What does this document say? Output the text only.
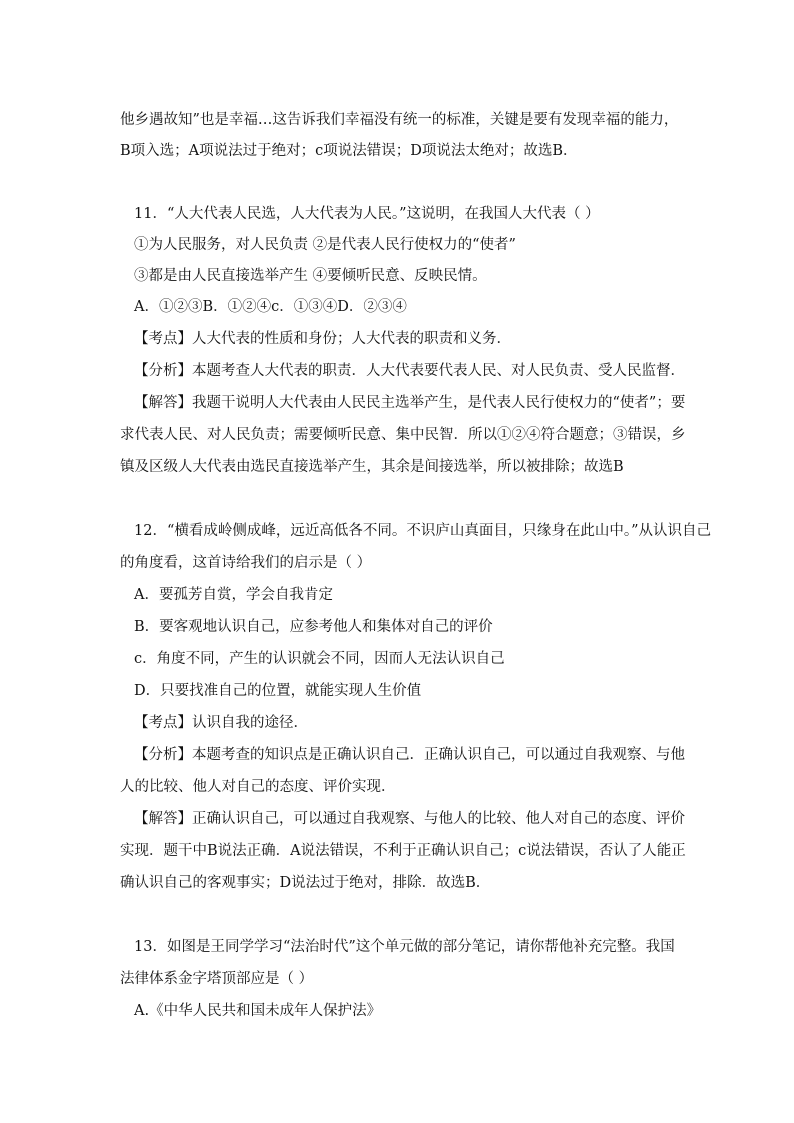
他乡遇故知”也是幸福…这告诉我们幸福没有统一的标准，关键是要有发现幸福的能力，
B项入选；A项说法过于绝对；c项说法错误；D项说法太绝对；故选B．
11．“人大代表人民选，人大代表为人民。”这说明，在我国人大代表（ ）
①为人民服务，对人民负责 ②是代表人民行使权力的“使者”
③都是由人民直接选举产生 ④要倾听民意、反映民情。
A．①②③B．①②④c．①③④D．②③④
【考点】人大代表的性质和身份；人大代表的职责和义务．
【分析】本题考查人大代表的职责．人大代表要代表人民、对人民负责、受人民监督．
【解答】我题干说明人大代表由人民民主选举产生，是代表人民行使权力的“使者”；要
求代表人民、对人民负责；需要倾听民意、集中民智．所以①②④符合题意；③错误，乡
镇及区级人大代表由选民直接选举产生，其余是间接选举，所以被排除；故选B
12．“横看成岭侧成峰，远近高低各不同。不识庐山真面目，只缘身在此山中。”从认识自己
的角度看，这首诗给我们的启示是（ ）
A．要孤芳自赏，学会自我肯定
B．要客观地认识自己，应参考他人和集体对自己的评价
c．角度不同，产生的认识就会不同，因而人无法认识自己
D．只要找准自己的位置，就能实现人生价值
【考点】认识自我的途径．
【分析】本题考查的知识点是正确认识自己．正确认识自己，可以通过自我观察、与他
人的比较、他人对自己的态度、评价实现．
【解答】正确认识自己，可以通过自我观察、与他人的比较、他人对自己的态度、评价
实现．题干中B说法正确．A说法错误，不利于正确认识自己；c说法错误，否认了人能正
确认识自己的客观事实；D说法过于绝对，排除．故选B．
13．如图是王同学学习“法治时代”这个单元做的部分笔记，请你帮他补充完整。我国
法律体系金字塔顶部应是（ ）
A.《中华人民共和国未成年人保护法》
